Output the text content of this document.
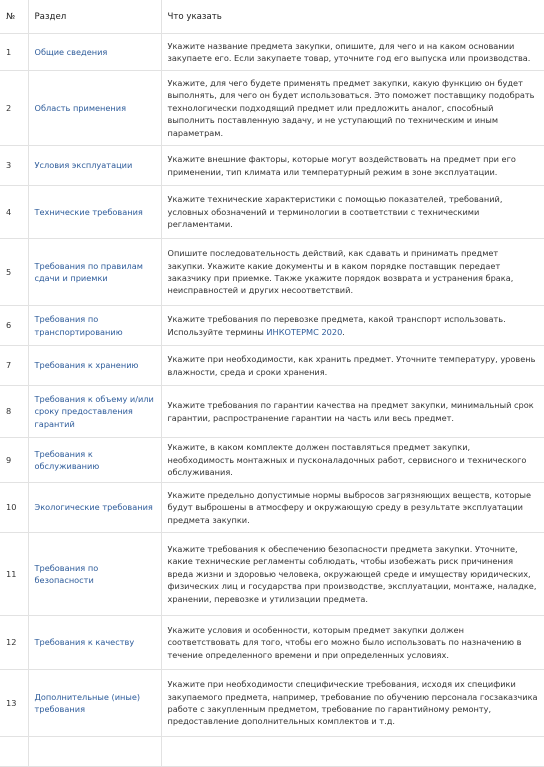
№	Раздел	Что указать
1	Общие сведения	Укажите название предмета закупки, опишите, для чего и на каком основании закупаете его. Если закупаете товар, уточните год его выпуска или производства.
2	Область применения	Укажите, для чего будете применять предмет закупки, какую функцию он будет выполнять, для чего он будет использоваться. Это поможет поставщику подобрать технологически подходящий предмет или предложить аналог, способный выполнить поставленную задачу, и не уступающий по техническим и иным параметрам.
3	Условия эксплуатации	Укажите внешние факторы, которые могут воздействовать на предмет при его применении, тип климата или температурный режим в зоне эксплуатации.
4	Технические требования	Укажите технические характеристики с помощью показателей, требований, условных обозначений и терминологии в соответствии с техническими регламентами.
5	Требования по правилам сдачи и приемки	Опишите последовательность действий, как сдавать и принимать предмет закупки. Укажите какие документы и в каком порядке поставщик передает заказчику при приемке. Также укажите порядок возврата и устранения брака, неисправностей и других несоответствий.
6	Требования по транспортированию	Укажите требования по перевозке предмета, какой транспорт использовать. Используйте термины ИНКОТЕРМС 2020.
7	Требования к хранению	Укажите при необходимости, как хранить предмет. Уточните температуру, уровень влажности, среда и сроки хранения.
8	Требования к объему и/или сроку предоставления гарантий	Укажите требования по гарантии качества на предмет закупки, минимальный срок гарантии, распространение гарантии на часть или весь предмет.
9	Требования к обслуживанию	Укажите, в каком комплекте должен поставляться предмет закупки, необходимость монтажных и пусконаладочных работ, сервисного и технического обслуживания.
10	Экологические требования	Укажите предельно допустимые нормы выбросов загрязняющих веществ, которые будут выброшены в атмосферу и окружающую среду в результате эксплуатации предмета закупки.
11	Требования по безопасности	Укажите требования к обеспечению безопасности предмета закупки. Уточните, какие технические регламенты соблюдать, чтобы изобежать риск причинения вреда жизни и здоровью человека, окружающей среде и имуществу юридических, физических лиц и государства при производстве, эксплуатации, монтаже, наладке, хранении, перевозке и утилизации предмета.
12	Требования к качеству	Укажите условия и особенности, которым предмет закупки должен соответствовать для того, чтобы его можно было использовать по назначению в течение определенного времени и при определенных условиях.
13	Дополнительные (иные) требования	Укажите при необходимости специфические требования, исходя их специфики закупаемого предмета, например, требование по обучению персонала госзаказчика работе с закупленным предметом, требование по гарантийному ремонту, предоставление дополнительных комплектов и т.д.
